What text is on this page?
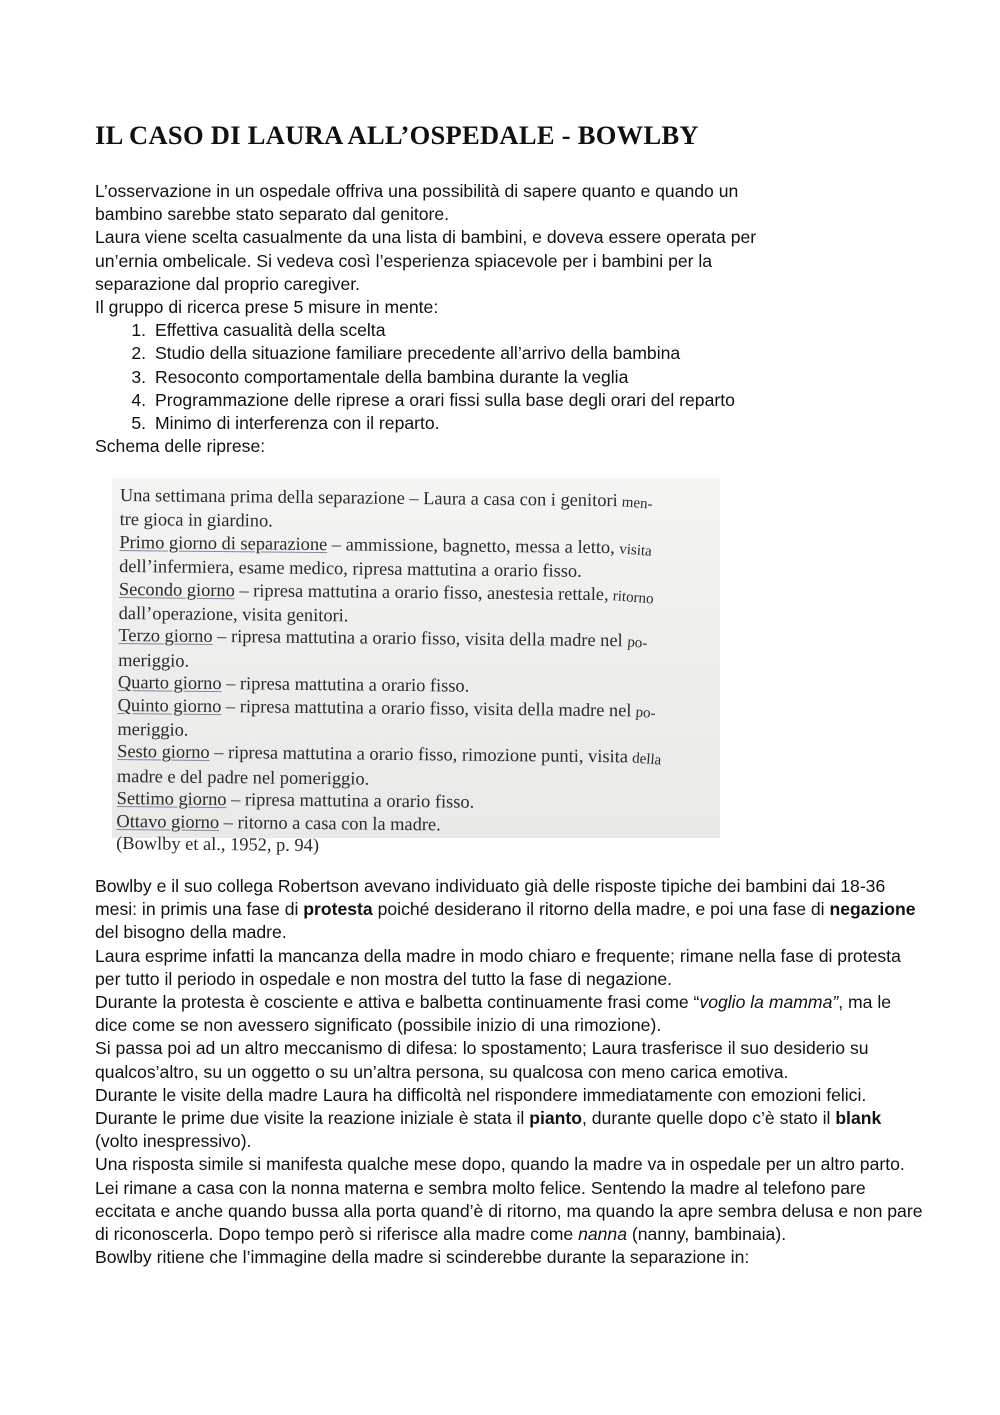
IL CASO DI LAURA ALL’OSPEDALE - BOWLBY

L’osservazione in un ospedale offriva una possibilità di sapere quanto e quando un
bambino sarebbe stato separato dal genitore.

Laura viene scelta casualmente da una lista di bambini, e doveva essere operata per
un’ernia ombelicale. Si vedeva così l’esperienza spiacevole per i bambini per la
separazione dal proprio caregiver.

Il gruppo di ricerca prese 5 misure in mente:

1. Effettiva casualità della scelta
2. Studio della situazione familiare precedente all’arrivo della bambina
3. Resoconto comportamentale della bambina durante la veglia
4. Programmazione delle riprese a orari fissi sulla base degli orari del reparto
5. Minimo di interferenza con il reparto.

Schema delle riprese:

Una settimana prima della separazione – Laura a casa con i genitori men-

tre gioca in giardino.

Primo giorno di separazione – ammissione, bagnetto, messa a letto, visita

dell’infermiera, esame medico, ripresa mattutina a orario fisso.

Secondo giorno – ripresa mattutina a orario fisso, anestesia rettale, ritorno

dall’operazione, visita genitori.

Terzo giorno – ripresa mattutina a orario fisso, visita della madre nel po-

meriggio.

Quarto giorno – ripresa mattutina a orario fisso.

Quinto giorno – ripresa mattutina a orario fisso, visita della madre nel po-

meriggio.

Sesto giorno – ripresa mattutina a orario fisso, rimozione punti, visita della

madre e del padre nel pomeriggio.

Settimo giorno – ripresa mattutina a orario fisso.

Ottavo giorno – ritorno a casa con la madre.

(Bowlby et al., 1952, p. 94)

Bowlby e il suo collega Robertson avevano individuato già delle risposte tipiche dei bambini dai 18-36 mesi: in primis una fase di protesta poiché desiderano il ritorno della madre, e poi una fase di negazione del bisogno della madre.

Laura esprime infatti la mancanza della madre in modo chiaro e frequente; rimane nella fase di protesta per tutto il periodo in ospedale e non mostra del tutto la fase di negazione.

Durante la protesta è cosciente e attiva e balbetta continuamente frasi come “voglio la mamma”, ma le dice come se non avessero significato (possibile inizio di una rimozione).

Si passa poi ad un altro meccanismo di difesa: lo spostamento; Laura trasferisce il suo desiderio su qualcos’altro, su un oggetto o su un’altra persona, su qualcosa con meno carica emotiva.

Durante le visite della madre Laura ha difficoltà nel rispondere immediatamente con emozioni felici. Durante le prime due visite la reazione iniziale è stata il pianto, durante quelle dopo c’è stato il blank (volto inespressivo).

Una risposta simile si manifesta qualche mese dopo, quando la madre va in ospedale per un altro parto. Lei rimane a casa con la nonna materna e sembra molto felice. Sentendo la madre al telefono pare eccitata e anche quando bussa alla porta quand’è di ritorno, ma quando la apre sembra delusa e non pare di riconoscerla. Dopo tempo però si riferisce alla madre come nanna (nanny, bambinaia).

Bowlby ritiene che l’immagine della madre si scinderebbe durante la separazione in:
